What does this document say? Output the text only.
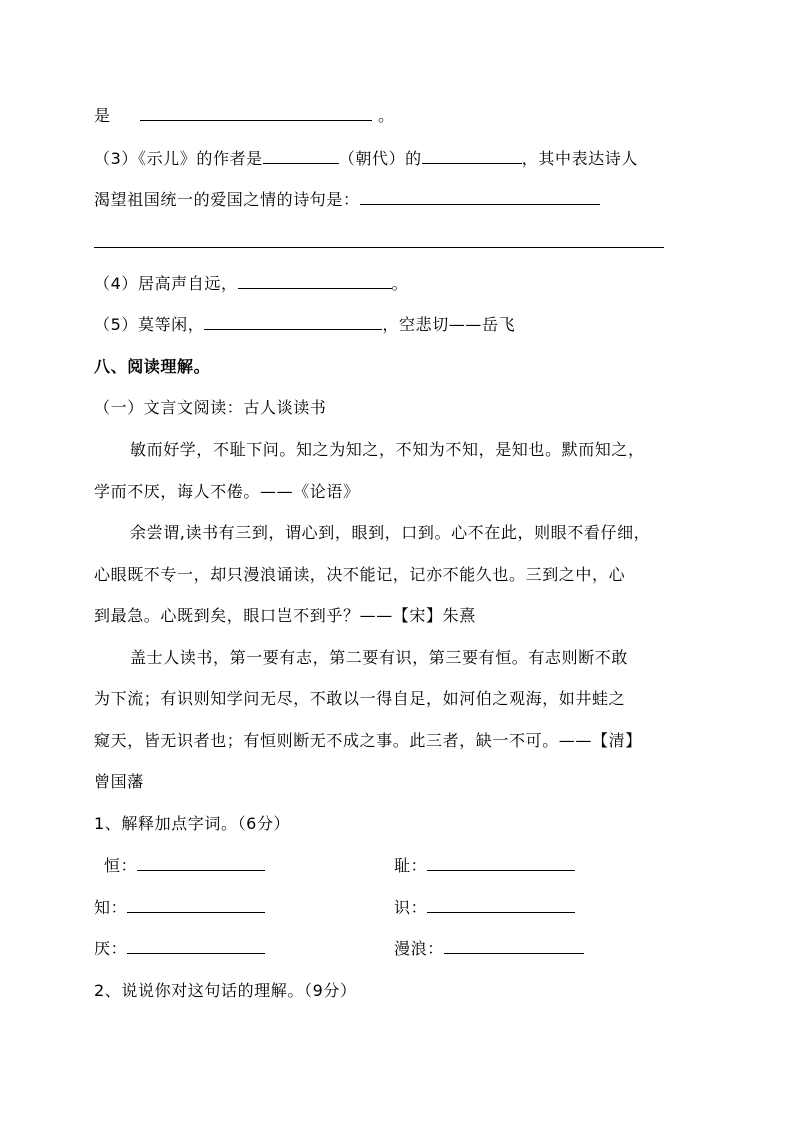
是	。
（3）《示儿》的作者是	（朝代）的	，其中表达诗人
渴望祖国统一的爱国之情的诗句是：
（4）居高声自远，	。
（5）莫等闲，	，空悲切——岳飞
八、阅读理解。
（一）文言文阅读：古人谈读书
敏而好学，不耻下问。知之为知之，不知为不知，是知也。默而知之，
学而不厌，诲人不倦。——《论语》
余尝谓,读书有三到，谓心到，眼到，口到。心不在此，则眼不看仔细，
心眼既不专一，却只漫浪诵读，决不能记，记亦不能久也。三到之中，心
到最急。心既到矣，眼口岂不到乎？——【宋】朱熹
盖士人读书，第一要有志，第二要有识，第三要有恒。有志则断不敢
为下流；有识则知学问无尽，不敢以一得自足，如河伯之观海，如井蛙之
窥天，皆无识者也；有恒则断无不成之事。此三者，缺一不可。——【清】
曾国藩
1、解释加点字词。（6分）
恒：	耻：
知：	识：
厌：	漫浪：
2、说说你对这句话的理解。（9分）
